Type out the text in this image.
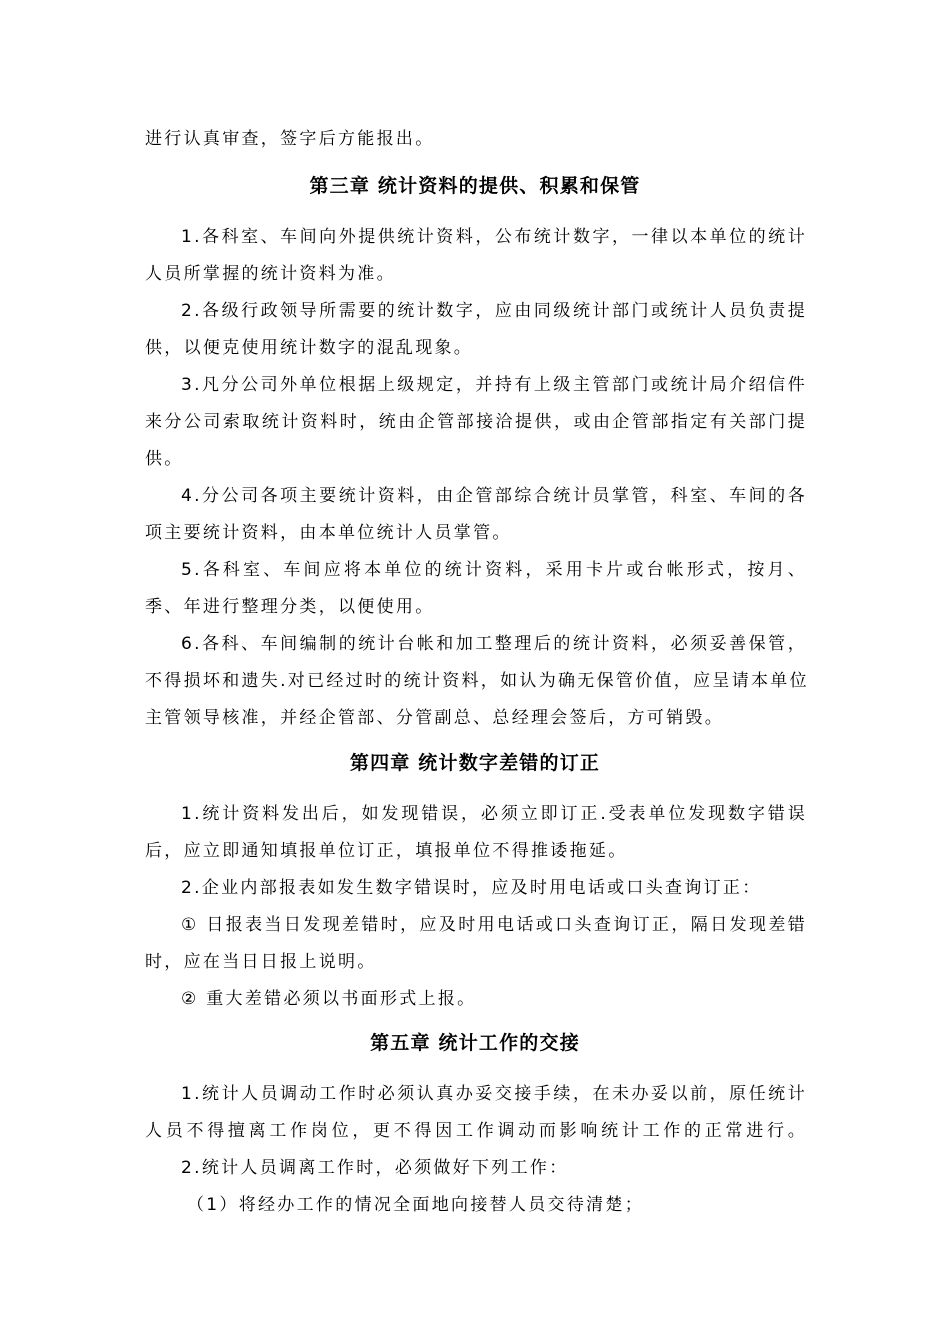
进行认真审查，签字后方能报出。
第三章 统计资料的提供、积累和保管
1.各科室、车间向外提供统计资料，公布统计数字，一律以本单位的统计
人员所掌握的统计资料为准。
2.各级行政领导所需要的统计数字，应由同级统计部门或统计人员负责提
供，以便克使用统计数字的混乱现象。
3.凡分公司外单位根据上级规定，并持有上级主管部门或统计局介绍信件
来分公司索取统计资料时，统由企管部接洽提供，或由企管部指定有关部门提
供。
4.分公司各项主要统计资料，由企管部综合统计员掌管，科室、车间的各
项主要统计资料，由本单位统计人员掌管。
5.各科室、车间应将本单位的统计资料，采用卡片或台帐形式，按月、
季、年进行整理分类，以便使用。
6.各科、车间编制的统计台帐和加工整理后的统计资料，必须妥善保管，
不得损坏和遗失.对已经过时的统计资料，如认为确无保管价值，应呈请本单位
主管领导核准，并经企管部、分管副总、总经理会签后，方可销毁。
第四章 统计数字差错的订正
1.统计资料发出后，如发现错误，必须立即订正.受表单位发现数字错误
后，应立即通知填报单位订正，填报单位不得推诿拖延。
2.企业内部报表如发生数字错误时，应及时用电话或口头查询订正：
① 日报表当日发现差错时，应及时用电话或口头查询订正，隔日发现差错
时，应在当日日报上说明。
② 重大差错必须以书面形式上报。
第五章 统计工作的交接
1.统计人员调动工作时必须认真办妥交接手续，在未办妥以前，原任统计
人员不得擅离工作岗位，更不得因工作调动而影响统计工作的正常进行。
2.统计人员调离工作时，必须做好下列工作：
（1）将经办工作的情况全面地向接替人员交待清楚；
